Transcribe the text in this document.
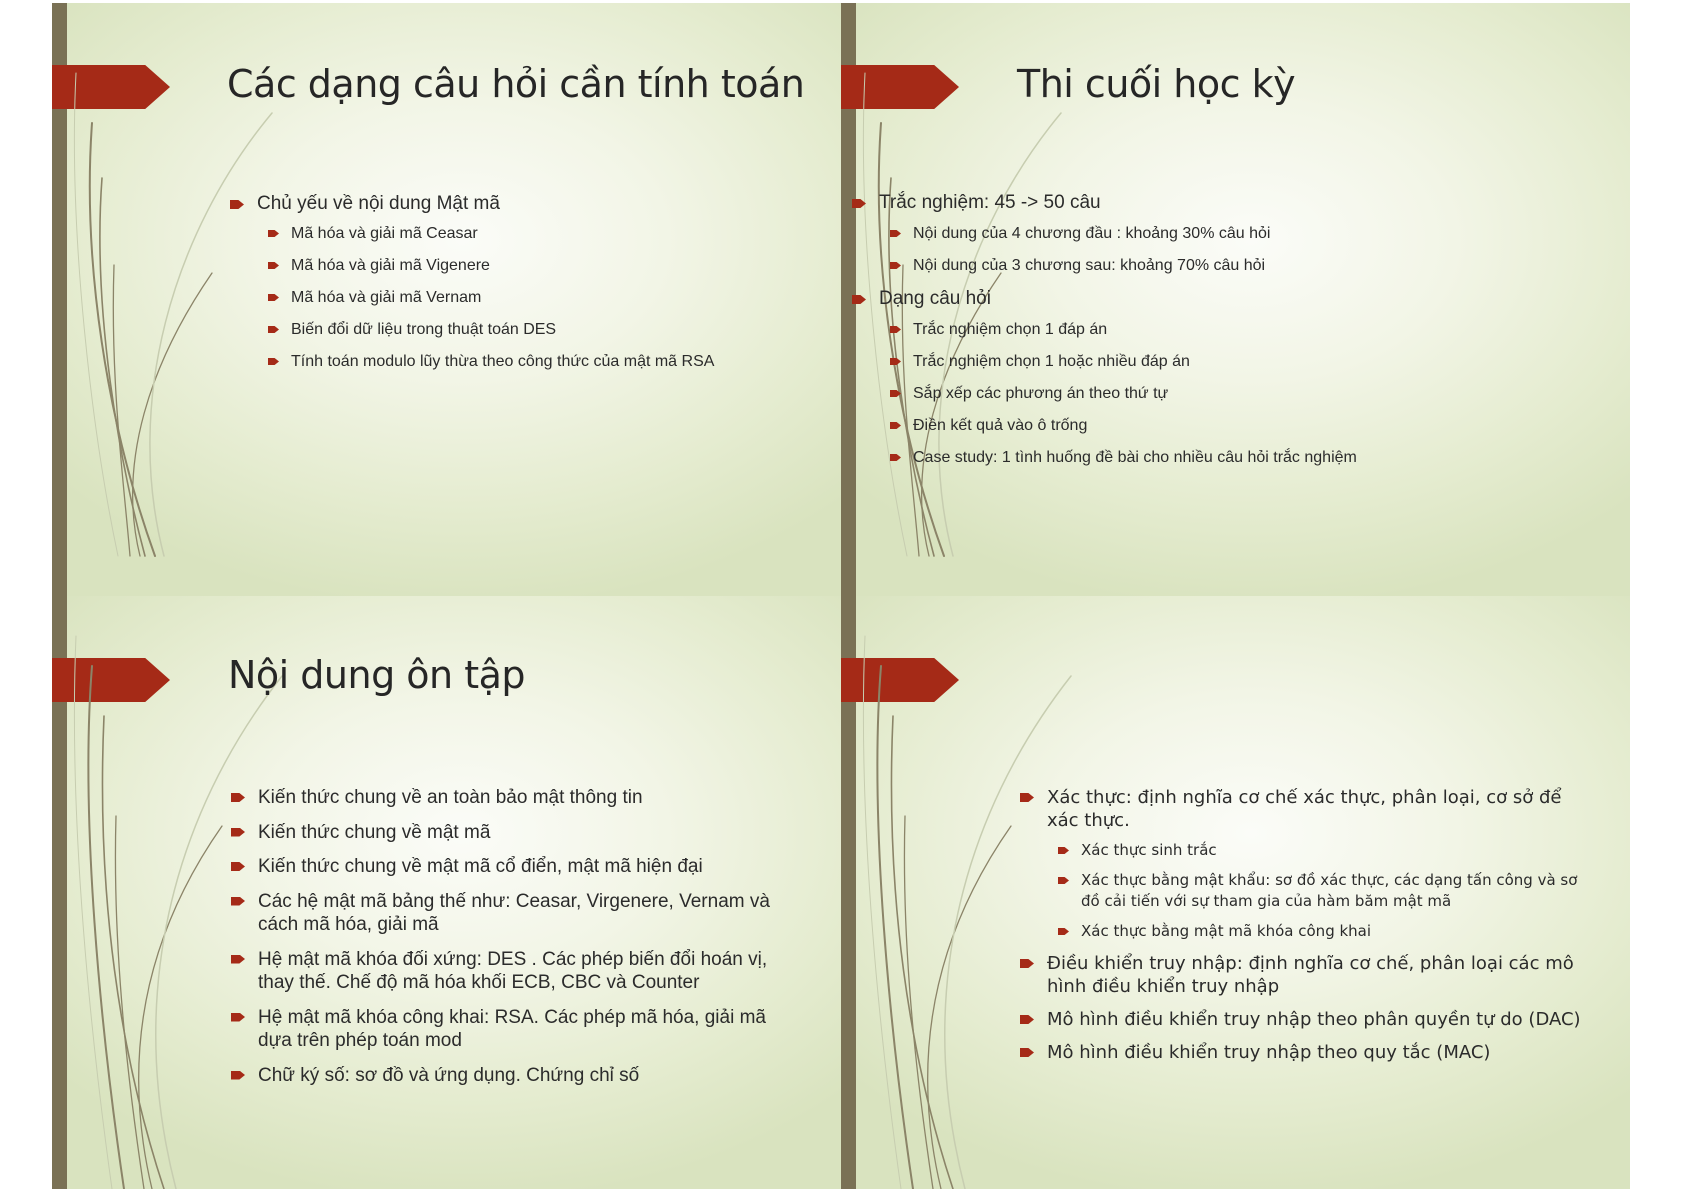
Các dạng câu hỏi cần tính toán	Thi cuối học kỳ
Nội dung ôn tập
Chủ yếu về nội dung Mật mã
Mã hóa và giải mã Ceasar
Mã hóa và giải mã Vigenere
Mã hóa và giải mã Vernam
Biến đổi dữ liệu trong thuật toán DES
Tính toán modulo lũy thừa theo công thức của mật mã RSA
Trắc nghiệm: 45 -> 50 câu
Nội dung của 4 chương đầu : khoảng 30% câu hỏi
Nội dung của 3 chương sau: khoảng 70% câu hỏi
Dạng câu hỏi
Trắc nghiệm chọn 1 đáp án
Trắc nghiệm chọn 1 hoặc nhiều đáp án
Sắp xếp các phương án theo thứ tự
Điền kết quả vào ô trống
Case study: 1 tình huống đề bài cho nhiều câu hỏi trắc nghiệm
Kiến thức chung về an toàn bảo mật thông tin
Kiến thức chung về mật mã
Kiến thức chung về mật mã cổ điển, mật mã hiện đại
Các hệ mật mã bảng thế như: Ceasar, Virgenere, Vernam và cách mã hóa, giải mã
Hệ mật mã khóa đối xứng: DES . Các phép biến đổi hoán vị, thay thế. Chế độ mã hóa khối ECB, CBC và Counter
Hệ mật mã khóa công khai: RSA. Các phép mã hóa, giải mã dựa trên phép toán mod
Chữ ký số: sơ đồ và ứng dụng. Chứng chỉ số
Xác thực: định nghĩa cơ chế xác thực, phân loại, cơ sở để xác thực.
Xác thực sinh trắc
Xác thực bằng mật khẩu: sơ đồ xác thực, các dạng tấn công và sơ đồ cải tiến với sự tham gia của hàm băm mật mã
Xác thực bằng mật mã khóa công khai
Điều khiển truy nhập: định nghĩa cơ chế, phân loại các mô hình điều khiển truy nhập
Mô hình điều khiển truy nhập theo phân quyền tự do (DAC)
Mô hình điều khiển truy nhập theo quy tắc (MAC)
